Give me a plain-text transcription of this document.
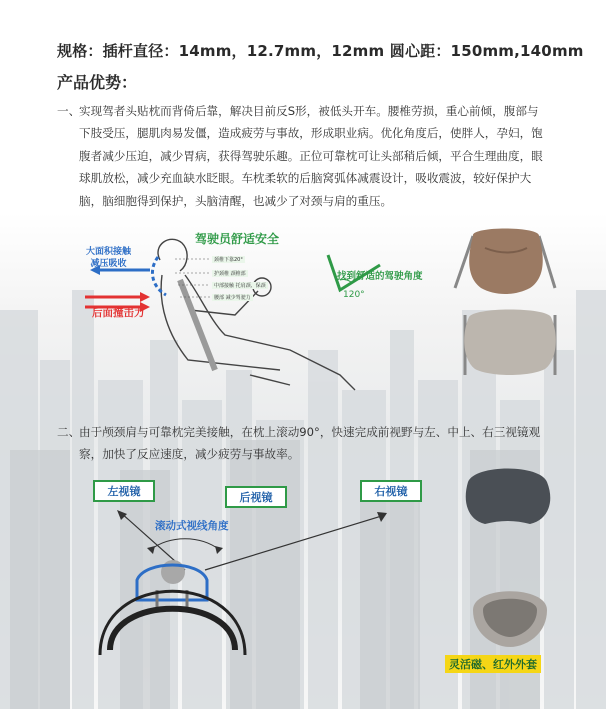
规格：插杆直径：14mm，12.7mm，12mm 圆心距：150mm,140mm
产品优势：

一、
实现驾者头贴枕而背倚后靠，解决目前反S形，被低头开车。腰椎劳损，重心前倾，腹部与下肢受压，腿肌肉易发僵，造成疲劳与事故，形成职业病。优化角度后，使胖人，孕妇，饱腹者减少压迫，减少胃病，获得驾驶乐趣。正位可靠枕可让头部稍后倾，平合生理曲度，眼球肌放松，减少充血缺水眨眼。车枕柔软的后脑窝弧体减震设计，吸收震波，较好保护大脑，脑细胞得到保护，头脑清醒，也减少了对颈与肩的重压。

120°
驾驶员舒适安全
找到舒适的驾驶角度
大面积接触
减压吸收
后面撞击力
颈椎下靠20°
护颈椎 颈椎部
中部接触 托肩颈、保颈
腰部 减少驾驶力

二、
由于颅颈肩与可靠枕完美接触，在枕上滚动90°，快速完成前视野与左、中上、右三视镜观察，加快了反应速度，减少疲劳与事故率。

左视镜	后视镜	右视镜
滚动式视线角度
灵活磁、红外外套
